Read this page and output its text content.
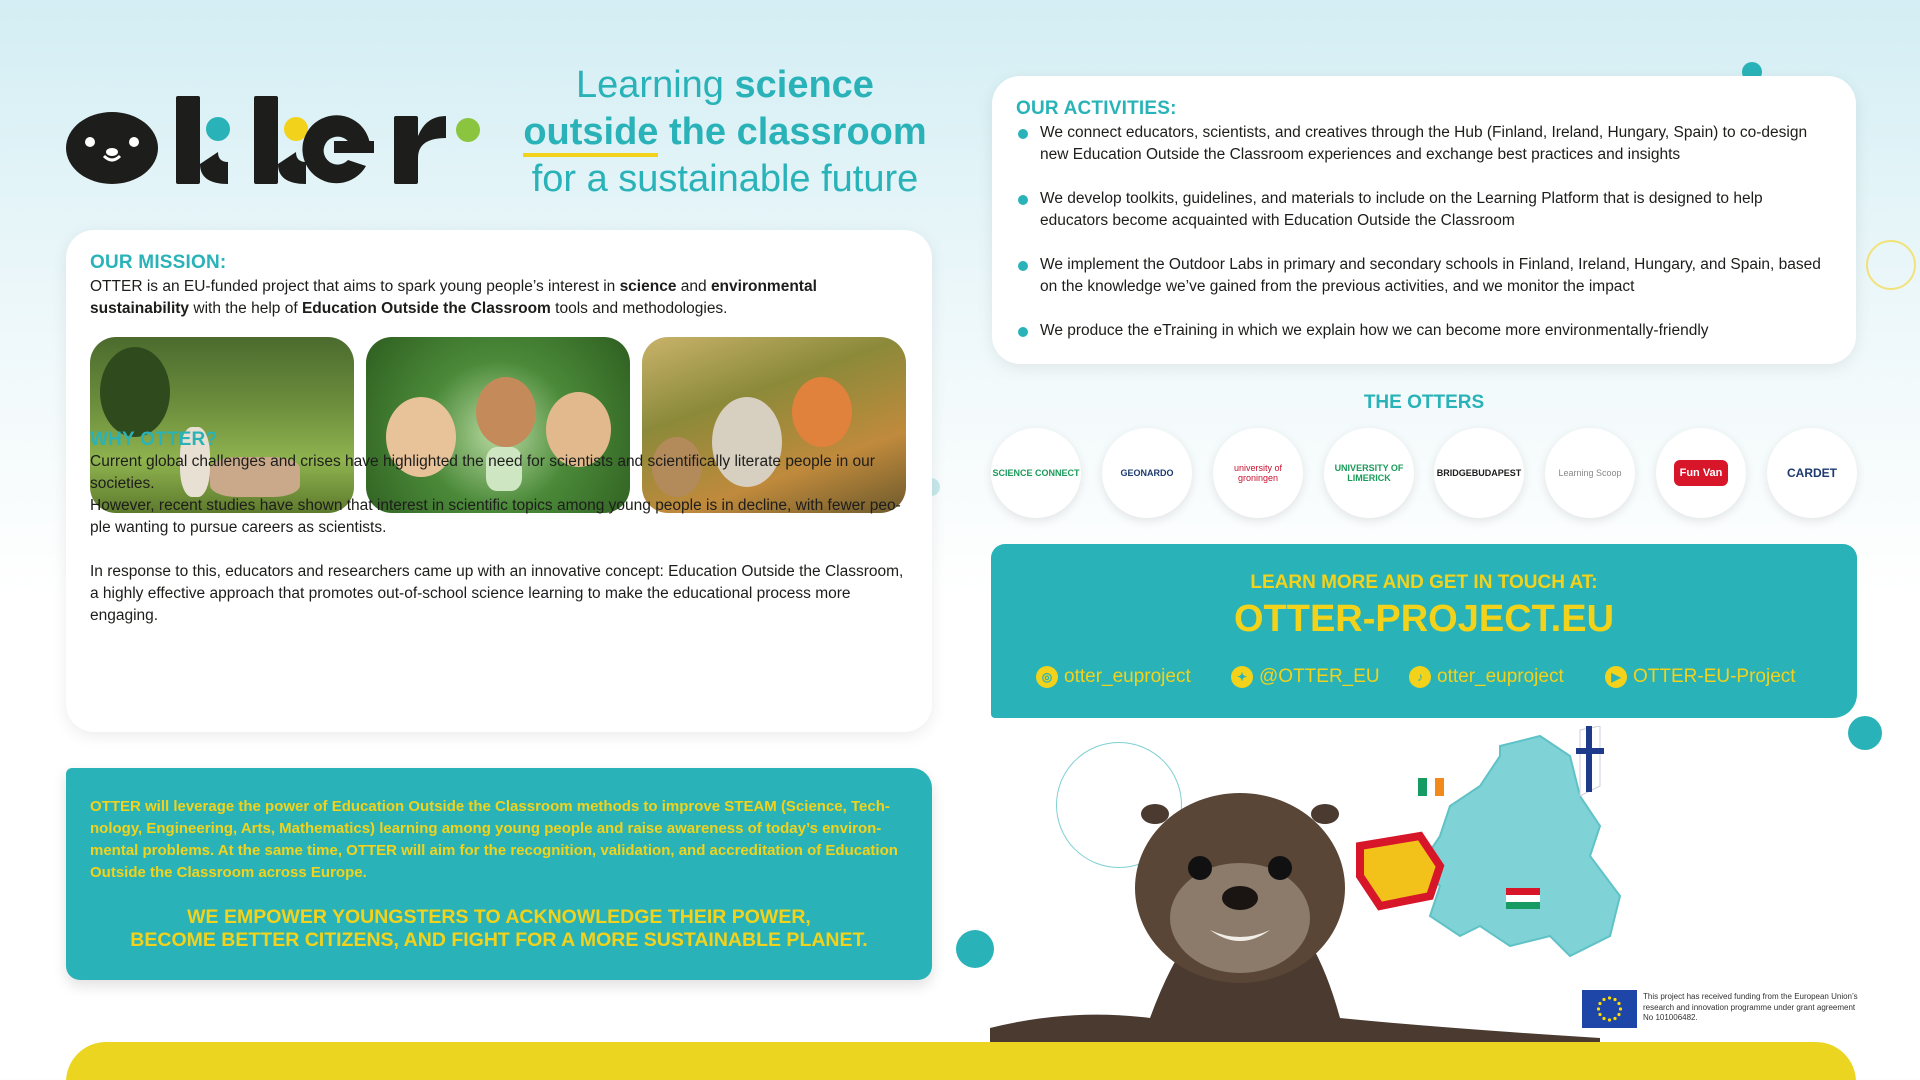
Learning science
outside the classroom
for a sustainable future
OUR MISSION:
OTTER is an EU-funded project that aims to spark young people’s interest in science and environmental sustainability with the help of Education Outside the Classroom tools and methodologies.
WHY OTTER?
Current global challenges and crises have highlighted the need for scientists and scientifically literate people in our societies.
However, recent studies have shown that interest in scientific topics among young people is in decline, with fewer peo-ple wanting to pursue careers as scientists.
In response to this, educators and researchers came up with an innovative concept: Education Outside the Classroom, a highly effective approach that promotes out-of-school science learning to make the educational process more engaging.
OUR ACTIVITIES:
We connect educators, scientists, and creatives through the Hub (Finland, Ireland, Hungary, Spain) to co-design new Education Outside the Classroom experiences and exchange best practices and insights
We develop toolkits, guidelines, and materials to include on the Learning Platform that is designed to help educators become acquainted with Education Outside the Classroom
We implement the Outdoor Labs in primary and secondary schools in Finland, Ireland, Hungary, and Spain, based on the knowledge we’ve gained from the previous activities, and we monitor the impact
We produce the eTraining in which we explain how we can become more environmentally-friendly
THE OTTERS
SCIENCE CONNECT	GEONARDO	university of groningen
UNIVERSITY OF LIMERICK	BRIDGEBUDAPEST	Learning Scoop	Fun Van	CARDET
LEARN MORE AND GET IN TOUCH AT:
OTTER-PROJECT.EU
◎ otter_euproject	✦ @OTTER_EU	♪ otter_euproject	▶ OTTER-EU-Project
OTTER will leverage the power of Education Outside the Classroom methods to improve STEAM (Science, Tech-nology, Engineering, Arts, Mathematics) learning among young people and raise awareness of today’s environ-mental problems. At the same time, OTTER will aim for the recognition, validation, and accreditation of Education Outside the Classroom across Europe.
WE EMPOWER YOUNGSTERS TO ACKNOWLEDGE THEIR POWER,
BECOME BETTER CITIZENS, AND FIGHT FOR A MORE SUSTAINABLE PLANET.
This project has received funding from the European Union’s research and innovation programme under grant agreement No 101006482.
